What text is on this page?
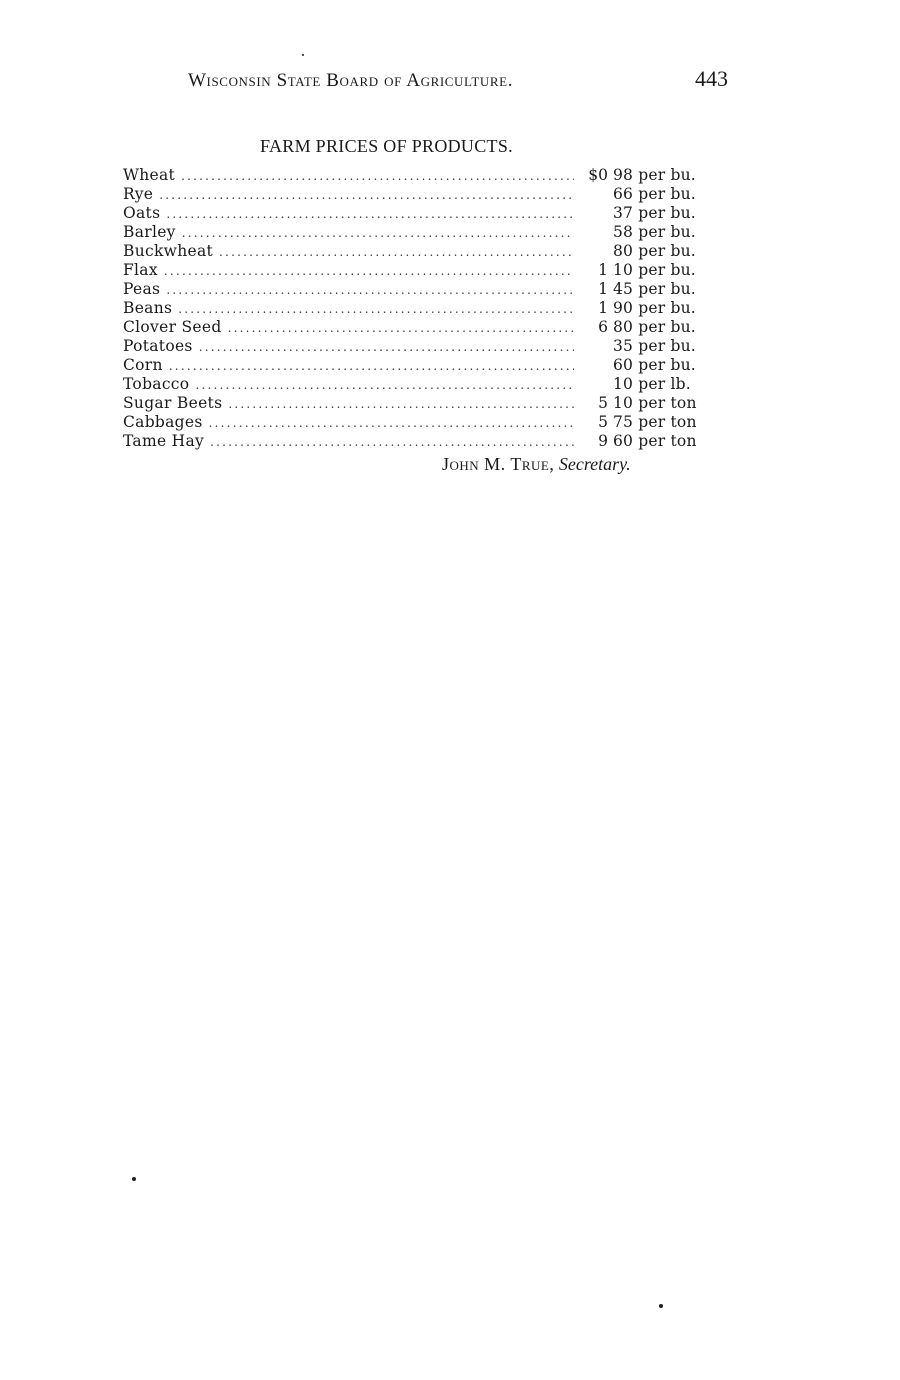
Wisconsin State Board of Agriculture.	443
FARM PRICES OF PRODUCTS.
Wheat .....	$0 98 per bu.
Rye .....	66 per bu.
Oats .....	37 per bu.
Barley .....	58 per bu.
Buckwheat .....	80 per bu.
Flax .....	1 10 per bu.
Peas .....	1 45 per bu.
Beans .....	1 90 per bu.
Clover Seed .....	6 80 per bu.
Potatoes .....	35 per bu.
Corn .....	60 per bu.
Tobacco .....	10 per lb.
Sugar Beets .....	5 10 per ton
Cabbages .....	5 75 per ton
Tame Hay .....	9 60 per ton
John M. True, Secretary.
